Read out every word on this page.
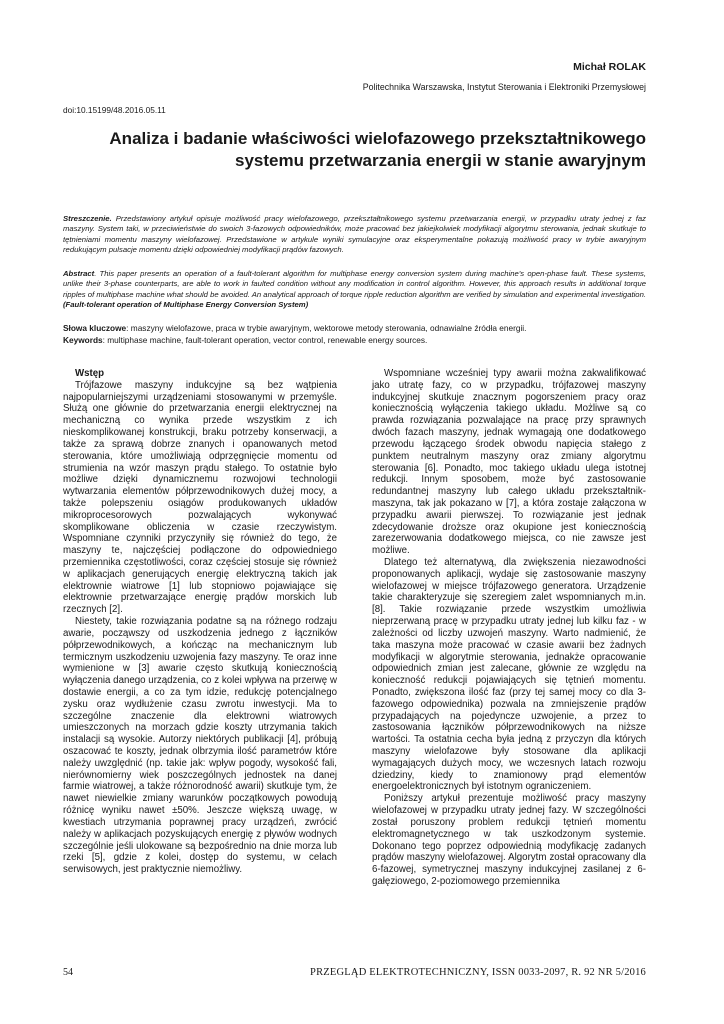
Michał ROLAK
Politechnika Warszawska, Instytut Sterowania i Elektroniki Przemysłowej
doi:10.15199/48.2016.05.11
Analiza i badanie właściwości wielofazowego przekształtnikowego systemu przetwarzania energii w stanie awaryjnym

Streszczenie. Przedstawiony artykuł opisuje możliwość pracy wielofazowego, przekształtnikowego systemu przetwarzania energii, w przypadku utraty jednej z faz maszyny. System taki, w przeciwieństwie do swoich 3-fazowych odpowiedników, może pracować bez jakiejkolwiek modyfikacji algorytmu sterowania, jednak skutkuje to tętnieniami momentu maszyny wielofazowej. Przedstawione w artykule wyniki symulacyjne oraz eksperymentalne pokazują możliwość pracy w trybie awaryjnym redukującym pulsacje momentu dzięki odpowiedniej modyfikacji prądów fazowych.

Abstract. This paper presents an operation of a fault-tolerant algorithm for multiphase energy conversion system during machine's open-phase fault. These systems, unlike their 3-phase counterparts, are able to work in faulted condition without any modification in control algorithm. However, this approach results in additional torque ripples of multiphase machine what should be avoided. An analytical approach of torque ripple reduction algorithm are verified by simulation and experimental investigation.(Fault-tolerant operation of Multiphase Energy Conversion System)

Słowa kluczowe: maszyny wielofazowe, praca w trybie awaryjnym, wektorowe metody sterowania, odnawialne źródła energii.

Keywords: multiphase machine, fault-tolerant operation, vector control, renewable energy sources.

Wstęp

Trójfazowe maszyny indukcyjne są bez wątpienia najpopularniejszymi urządzeniami stosowanymi w przemyśle. Służą one głównie do przetwarzania energii elektrycznej na mechaniczną co wynika przede wszystkim z ich nieskomplikowanej konstrukcji, braku potrzeby konserwacji, a także za sprawą dobrze znanych i opanowanych metod sterowania, które umożliwiają odprzęgnięcie momentu od strumienia na wzór maszyn prądu stałego. To ostatnie było możliwe dzięki dynamicznemu rozwojowi technologii wytwarzania elementów półprzewodnikowych dużej mocy, a także polepszeniu osiągów produkowanych układów mikroprocesorowych pozwalających wykonywać skomplikowane obliczenia w czasie rzeczywistym. Wspomniane czynniki przyczyniły się również do tego, że maszyny te, najczęściej podłączone do odpowiedniego przemiennika częstotliwości, coraz częściej stosuje się również w aplikacjach generujących energię elektryczną takich jak elektrownie wiatrowe [1] lub stopniowo pojawiające się elektrownie przetwarzające energię prądów morskich lub rzecznych [2].

Niestety, takie rozwiązania podatne są na różnego rodzaju awarie, począwszy od uszkodzenia jednego z łączników półprzewodnikowych, a kończąc na mechanicznym lub termicznym uszkodzeniu uzwojenia fazy maszyny. Te oraz inne wymienione w [3] awarie często skutkują koniecznością wyłączenia danego urządzenia, co z kolei wpływa na przerwę w dostawie energii, a co za tym idzie, redukcję potencjalnego zysku oraz wydłużenie czasu zwrotu inwestycji. Ma to szczególne znaczenie dla elektrowni wiatrowych umieszczonych na morzach gdzie koszty utrzymania takich instalacji są wysokie. Autorzy niektórych publikacji [4], próbują oszacować te koszty, jednak olbrzymia ilość parametrów które należy uwzględnić (np. takie jak: wpływ pogody, wysokość fali, nierównomierny wiek poszczególnych jednostek na danej farmie wiatrowej, a także różnorodność awarii) skutkuje tym, że nawet niewielkie zmiany warunków początkowych powodują różnicę wyniku nawet ±50%. Jeszcze większą uwagę, w kwestiach utrzymania poprawnej pracy urządzeń, zwrócić należy w aplikacjach pozyskujących energię z pływów wodnych szczególnie jeśli ulokowane są bezpośrednio na dnie morza lub rzeki [5], gdzie z kolei, dostęp do systemu, w celach serwisowych, jest praktycznie niemożliwy.

Wspomniane wcześniej typy awarii można zakwalifikować jako utratę fazy, co w przypadku, trójfazowej maszyny indukcyjnej skutkuje znacznym pogorszeniem pracy oraz koniecznością wyłączenia takiego układu. Możliwe są co prawda rozwiązania pozwalające na pracę przy sprawnych dwóch fazach maszyny, jednak wymagają one dodatkowego przewodu łączącego środek obwodu napięcia stałego z punktem neutralnym maszyny oraz zmiany algorytmu sterowania [6]. Ponadto, moc takiego układu ulega istotnej redukcji. Innym sposobem, może być zastosowanie redundantnej maszyny lub całego układu przekształtnik-maszyna, tak jak pokazano w [7], a która zostaje załączona w przypadku awarii pierwszej. To rozwiązanie jest jednak zdecydowanie droższe oraz okupione jest koniecznością zarezerwowania dodatkowego miejsca, co nie zawsze jest możliwe.

Dlatego też alternatywą, dla zwiększenia niezawodności proponowanych aplikacji, wydaje się zastosowanie maszyny wielofazowej w miejsce trójfazowego generatora. Urządzenie takie charakteryzuje się szeregiem zalet wspomnianych m.in. [8]. Takie rozwiązanie przede wszystkim umożliwia nieprzerwaną pracę w przypadku utraty jednej lub kilku faz - w zależności od liczby uzwojeń maszyny. Warto nadmienić, że taka maszyna może pracować w czasie awarii bez żadnych modyfikacji w algorytmie sterowania, jednakże opracowanie odpowiednich zmian jest zalecane, głównie ze względu na konieczność redukcji pojawiających się tętnień momentu. Ponadto, zwiększona ilość faz (przy tej samej mocy co dla 3-fazowego odpowiednika) pozwala na zmniejszenie prądów przypadających na pojedyncze uzwojenie, a przez to zastosowania łączników półprzewodnikowych na niższe wartości. Ta ostatnia cecha była jedną z przyczyn dla których maszyny wielofazowe były stosowane dla aplikacji wymagających dużych mocy, we wczesnych latach rozwoju dziedziny, kiedy to znamionowy prąd elementów energoelektronicznych był istotnym ograniczeniem.

Poniższy artykuł prezentuje możliwość pracy maszyny wielofazowej w przypadku utraty jednej fazy. W szczególności został poruszony problem redukcji tętnień momentu elektromagnetycznego w tak uszkodzonym systemie. Dokonano tego poprzez odpowiednią modyfikację zadanych prądów maszyny wielofazowej. Algorytm został opracowany dla 6-fazowej, symetrycznej maszyny indukcyjnej zasilanej z 6-gałęziowego, 2-poziomowego przemiennika

54	PRZEGLĄD ELEKTROTECHNICZNY, ISSN 0033-2097, R. 92 NR 5/2016
